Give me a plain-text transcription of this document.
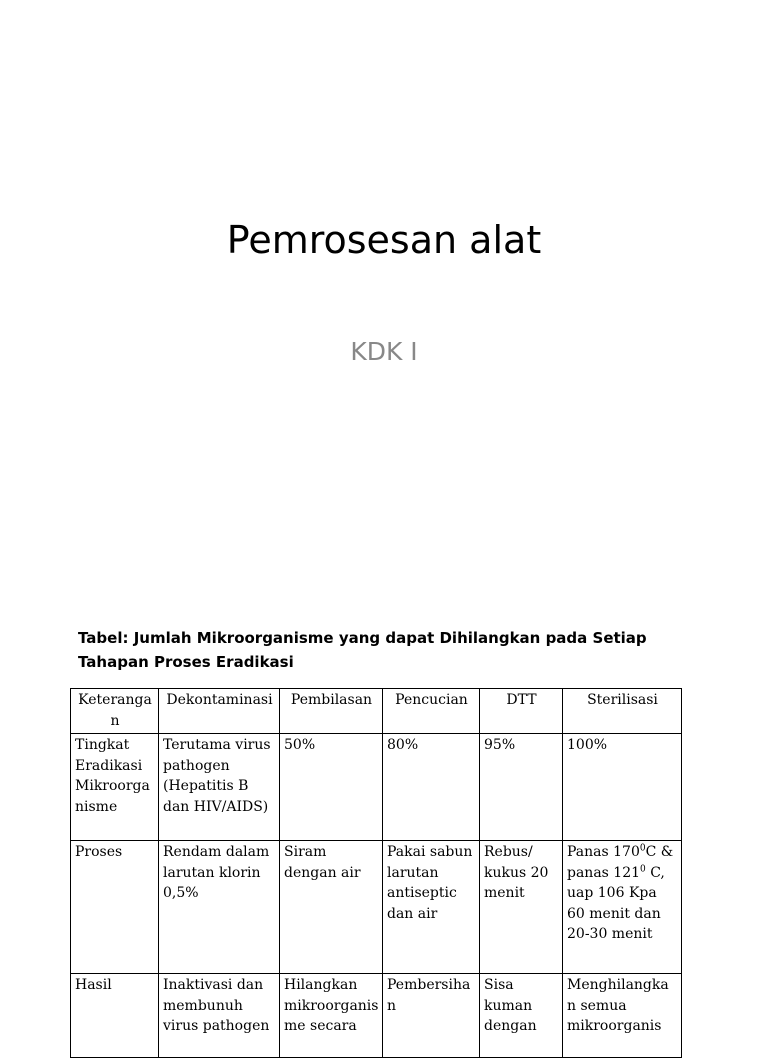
Pemrosesan alat
KDK I
Tabel: Jumlah Mikroorganisme yang dapat Dihilangkan pada Setiap Tahapan Proses Eradikasi
Keteranga n	Dekontaminasi	Pembilasan	Pencucian	DTT	Sterilisasi
Tingkat Eradikasi Mikroorga nisme	Terutama virus pathogen (Hepatitis B dan HIV/AIDS)	50%	80%	95%	100%
Proses	Rendam dalam larutan klorin 0,5%	Siram dengan air	Pakai sabun larutan antiseptic dan air	Rebus/ kukus 20 menit	Panas $170^0C$ & panas $121^0$ C, uap 106 Kpa 60 menit dan 20-30 menit
Hasil	Inaktivasi dan membunuh virus pathogen	Hilangkan mikroorganis me secara	Pembersiha n	Sisa kuman dengan	Menghilangka n semua mikroorganis
